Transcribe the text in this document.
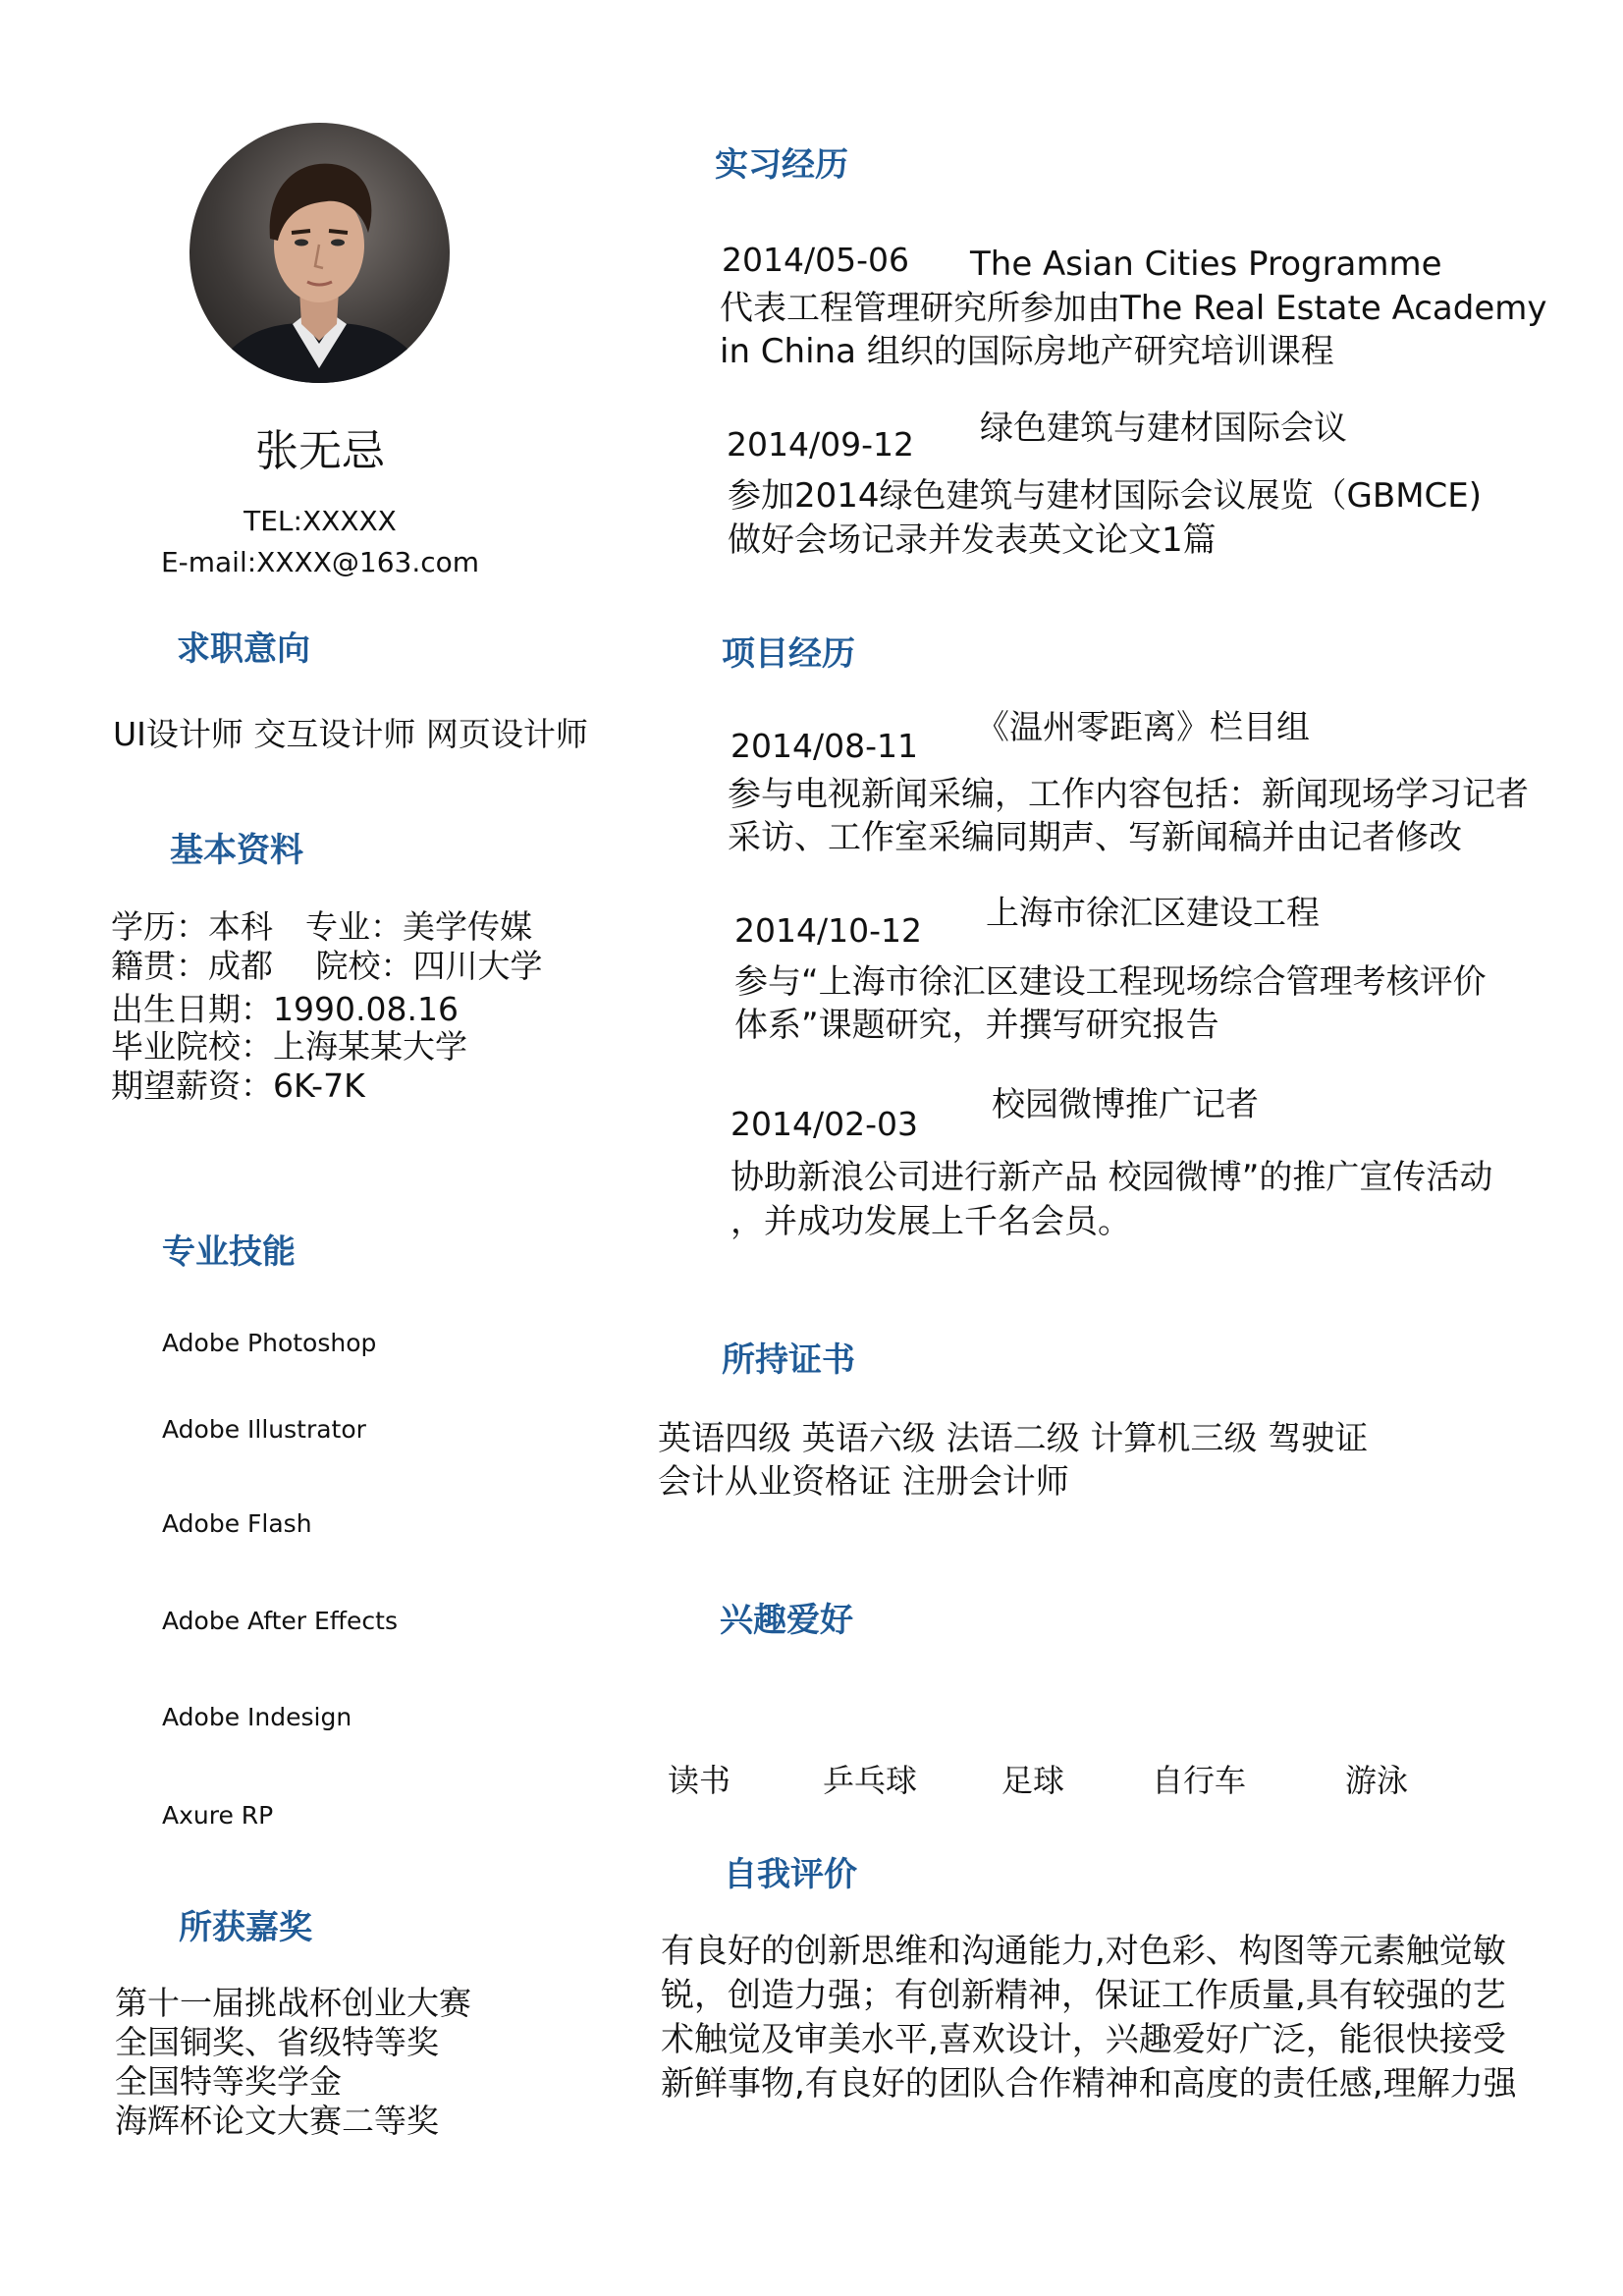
张无忌
TEL:XXXXX
E-mail:XXXX@163.com
求职意向
UI设计师 交互设计师 网页设计师
基本资料
学历：本科　专业：美学传媒
籍贯：成都　 院校：四川大学
出生日期：1990.08.16
毕业院校：上海某某大学
期望薪资：6K-7K
专业技能
Adobe Photoshop
Adobe Illustrator
Adobe Flash
Adobe After Effects
Adobe Indesign
Axure RP
所获嘉奖
第十一届挑战杯创业大赛
全国铜奖、省级特等奖
全国特等奖学金
海辉杯论文大赛二等奖
实习经历
2014/05-06 The Asian Cities Programme
代表工程管理研究所参加由The Real Estate Academy
in China 组织的国际房地产研究培训课程
2014/09-12 绿色建筑与建材国际会议
参加2014绿色建筑与建材国际会议展览（GBMCE)
做好会场记录并发表英文论文1篇
项目经历
2014/08-11 《温州零距离》栏目组
参与电视新闻采编，工作内容包括：新闻现场学习记者
采访、工作室采编同期声、写新闻稿并由记者修改
2014/10-12 上海市徐汇区建设工程
参与“上海市徐汇区建设工程现场综合管理考核评价
体系”课题研究，并撰写研究报告
2014/02-03 校园微博推广记者
协助新浪公司进行新产品 校园微博”的推广宣传活动
，并成功发展上千名会员。
所持证书
英语四级 英语六级 法语二级 计算机三级 驾驶证
会计从业资格证 注册会计师
兴趣爱好
读书	乒乓球	足球	自行车	游泳
自我评价
有良好的创新思维和沟通能力,对色彩、构图等元素触觉敏
锐，创造力强；有创新精神，保证工作质量,具有较强的艺
术触觉及审美水平,喜欢设计，兴趣爱好广泛，能很快接受
新鲜事物,有良好的团队合作精神和高度的责任感,理解力强
